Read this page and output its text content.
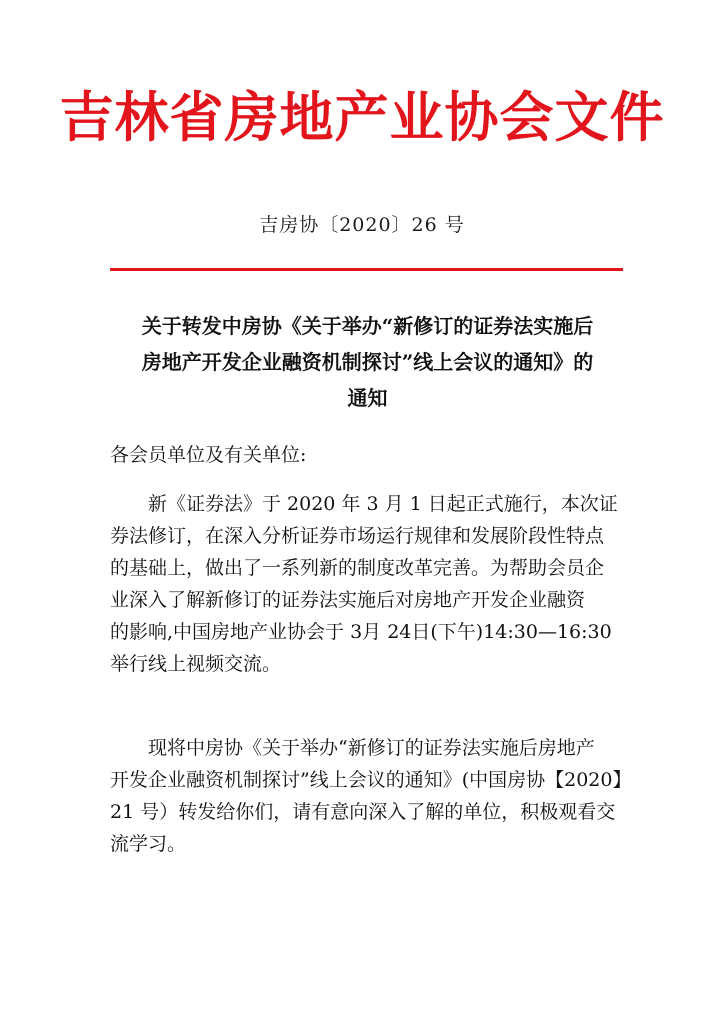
吉林省房地产业协会文件
吉房协〔2020〕26 号
关于转发中房协《关于举办“新修订的证券法实施后
房地产开发企业融资机制探讨”线上会议的通知》的
通知
各会员单位及有关单位:
新《证券法》于 2020 年 3 月 1 日起正式施行，本次证
券法修订，在深入分析证券市场运行规律和发展阶段性特点
的基础上，做出了一系列新的制度改革完善。为帮助会员企
业深入了解新修订的证券法实施后对房地产开发企业融资
的影响,中国房地产业协会于 3月 24日(下午)14:30—16:30
举行线上视频交流。
现将中房协《关于举办“新修订的证券法实施后房地产
开发企业融资机制探讨”线上会议的通知》(中国房协【2020】
21 号）转发给你们，请有意向深入了解的单位，积极观看交
流学习。
